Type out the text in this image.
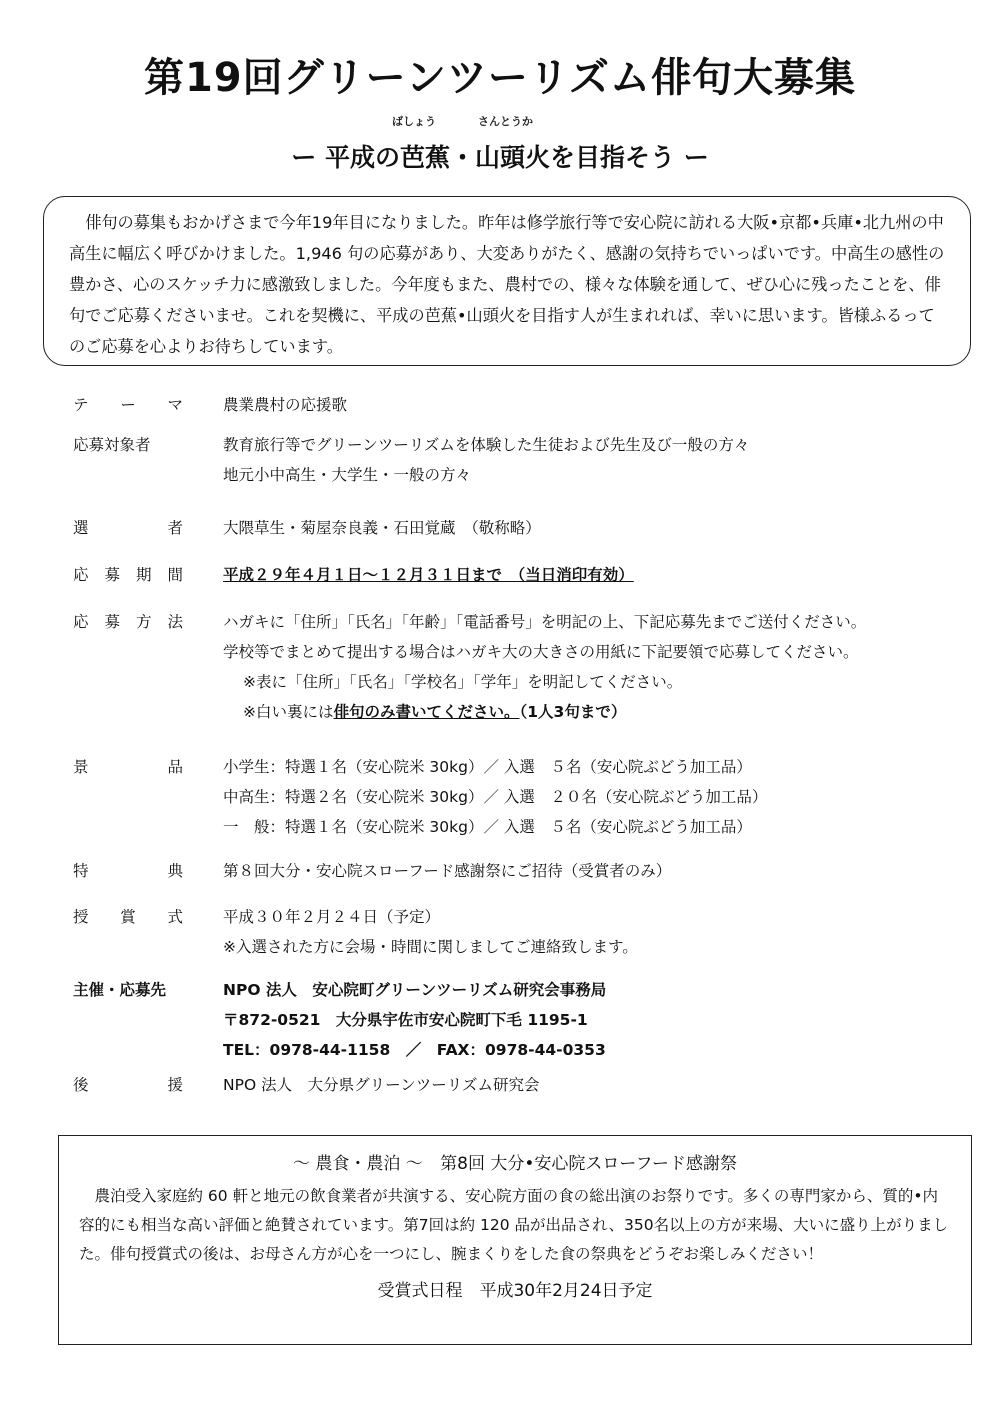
第19回グリーンツーリズム俳句大募集
ばしょう	さんとうか
ー 平成の芭蕉・山頭火を目指そう ー

俳句の募集もおかげさまで今年19年目になりました。昨年は修学旅行等で安心院に訪れる大阪•京都•兵庫•北九州の中高生に幅広く呼びかけました。1,946 句の応募があり、大変ありがたく、感謝の気持ちでいっぱいです。中高生の感性の豊かさ、心のスケッチ力に感激致しました。今年度もまた、農村での、様々な体験を通して、ぜひ心に残ったことを、俳句でご応募くださいませ。これを契機に、平成の芭蕉•山頭火を目指す人が生まれれば、幸いに思います。皆様ふるってのご応募を心よりお待ちしています。

テ ー マ	農業農村の応援歌
応募対象者	教育旅行等でグリーンツーリズムを体験した生徒および先生及び一般の方々
地元小中高生・大学生・一般の方々
選	者	大隈草生・菊屋奈良義・石田覚蔵　（敬称略）
応 募 期 間	平成２９年４月１日～１２月３１日まで　（当日消印有効）
応 募 方 法	ハガキに「住所」「氏名」「年齢」「電話番号」を明記の上、下記応募先までご送付ください。
学校等でまとめて提出する場合はハガキ大の大きさの用紙に下記要領で応募してください。
※表に「住所」「氏名」「学校名」「学年」を明記してください。
※白い裏には俳句のみ書いてください。（1人3句まで）
景	品	小学生：特選１名（安心院米 30kg）／ 入選　５名（安心院ぶどう加工品）
中高生：特選２名（安心院米 30kg）／ 入選　２０名（安心院ぶどう加工品）
一　般：特選１名（安心院米 30kg）／ 入選　５名（安心院ぶどう加工品）
特	典	第８回大分・安心院スローフード感謝祭にご招待（受賞者のみ）
授 賞 式	平成３０年２月２４日（予定）
※入選された方に会場・時間に関しましてご連絡致します。
主催・応募先	NPO 法人　安心院町グリーンツーリズム研究会事務局
〒872-0521　大分県宇佐市安心院町下毛 1195-1
TEL：0978-44-1158　／　FAX：0978-44-0353
後	援	NPO 法人　大分県グリーンツーリズム研究会
～ 農食・農泊 ～ 第8回 大分•安心院スローフード感謝祭

農泊受入家庭約 60 軒と地元の飲食業者が共演する、安心院方面の食の総出演のお祭りです。多くの専門家から、質的•内容的にも相当な高い評価と絶賛されています。第7回は約 120 品が出品され、350名以上の方が来場、大いに盛り上がりました。俳句授賞式の後は、お母さん方が心を一つにし、腕まくりをした食の祭典をどうぞお楽しみください！

受賞式日程　平成30年2月24日予定
